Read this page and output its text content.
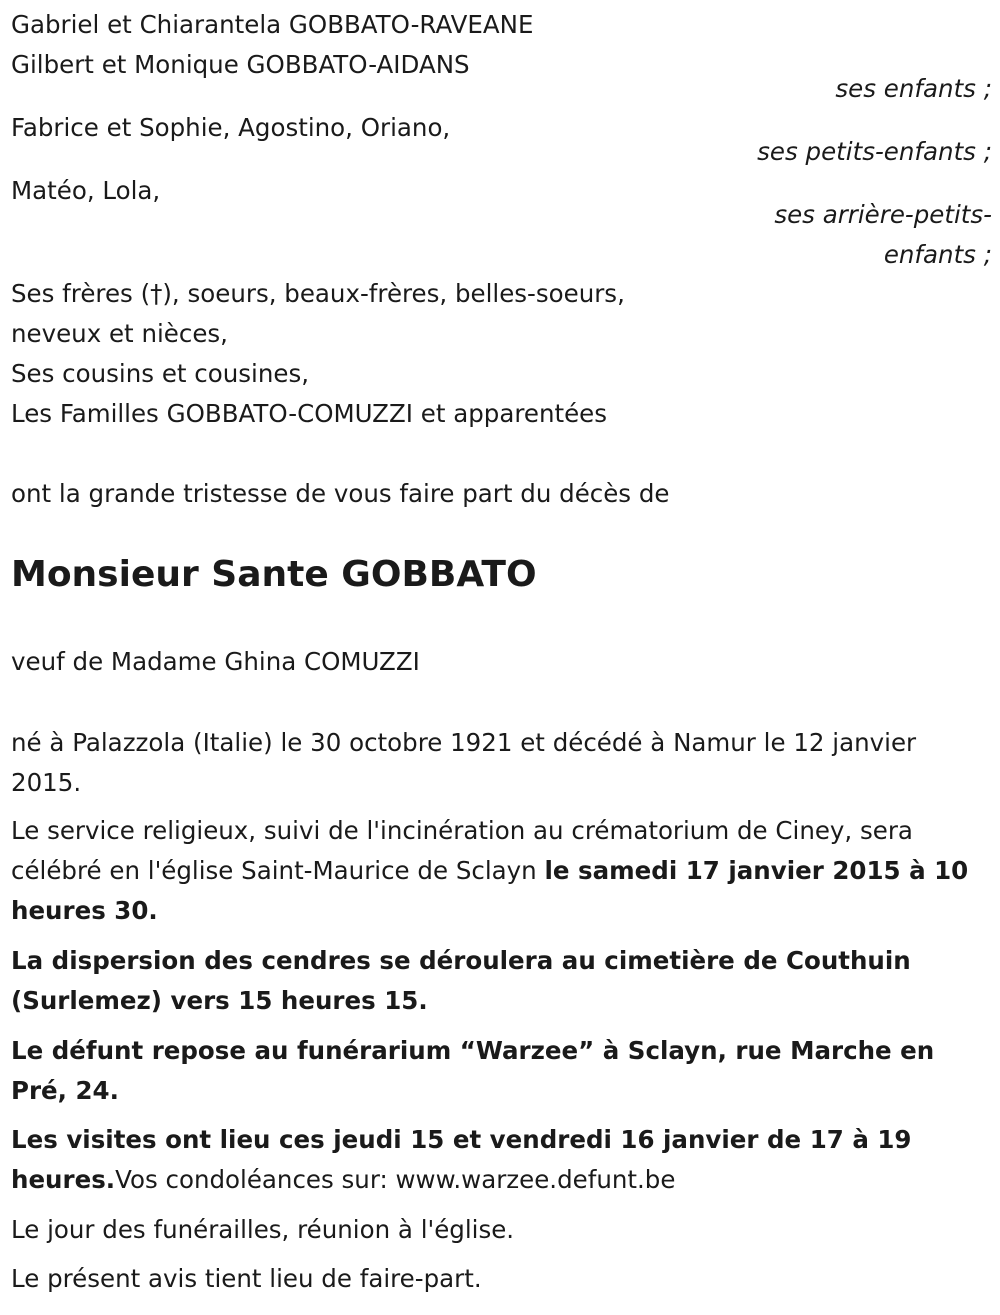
Gabriel et Chiarantela GOBBATO-RAVEANE
Gilbert et Monique GOBBATO-AIDANS
ses enfants ;
Fabrice et Sophie, Agostino, Oriano,
ses petits-enfants ;
Matéo, Lola,
ses arrière-petits-
enfants ;
Ses frères (†), soeurs, beaux-frères, belles-soeurs,
neveux et nièces,
Ses cousins et cousines,
Les Familles GOBBATO-COMUZZI et apparentées
ont la grande tristesse de vous faire part du décès de
Monsieur Sante GOBBATO
veuf de Madame Ghina COMUZZI
né à Palazzola (Italie) le 30 octobre 1921 et décédé à Namur le 12 janvier 2015.
Le service religieux, suivi de l'incinération au crématorium de Ciney, sera célébré en l'église Saint-Maurice de Sclayn le samedi 17 janvier 2015 à 10 heures 30.
La dispersion des cendres se déroulera au cimetière de Couthuin (Surlemez) vers 15 heures 15.
Le défunt repose au funérarium “Warzee” à Sclayn, rue Marche en Pré, 24.
Les visites ont lieu ces jeudi 15 et vendredi 16 janvier de 17 à 19 heures.Vos condoléances sur: www.warzee.defunt.be
Le jour des funérailles, réunion à l'église.
Le présent avis tient lieu de faire-part.
